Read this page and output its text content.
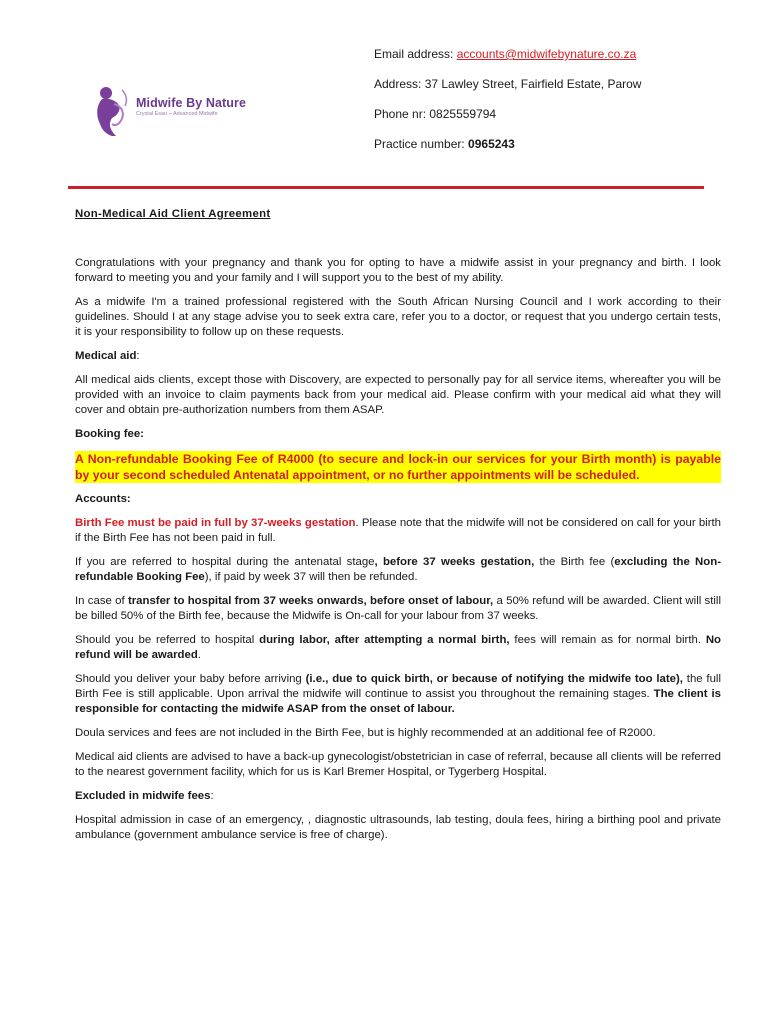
Midwife By Nature
Crystal Esau – Advanced Midwife
Email address: accounts@midwifebynature.co.za
Address: 37 Lawley Street, Fairfield Estate, Parow
Phone nr: 0825559794
Practice number: 0965243
Non-Medical Aid Client Agreement

Congratulations with your pregnancy and thank you for opting to have a midwife assist in your pregnancy and birth. I look forward to meeting you and your family and I will support you to the best of my ability.

As a midwife I'm a trained professional registered with the South African Nursing Council and I work according to their guidelines. Should I at any stage advise you to seek extra care, refer you to a doctor, or request that you undergo certain tests, it is your responsibility to follow up on these requests.

Medical aid:

All medical aids clients, except those with Discovery, are expected to personally pay for all service items, whereafter you will be provided with an invoice to claim payments back from your medical aid. Please confirm with your medical aid what they will cover and obtain pre-authorization numbers from them ASAP.

Booking fee:

A Non-refundable Booking Fee of R4000 (to secure and lock-in our services for your Birth month) is payable by your second scheduled Antenatal appointment, or no further appointments will be scheduled.

Accounts:

Birth Fee must be paid in full by 37-weeks gestation. Please note that the midwife will not be considered on call for your birth if the Birth Fee has not been paid in full.

If you are referred to hospital during the antenatal stage, before 37 weeks gestation, the Birth fee (excluding the Non-refundable Booking Fee), if paid by week 37 will then be refunded.

In case of transfer to hospital from 37 weeks onwards, before onset of labour, a 50% refund will be awarded. Client will still be billed 50% of the Birth fee, because the Midwife is On-call for your labour from 37 weeks.

Should you be referred to hospital during labor, after attempting a normal birth, fees will remain as for normal birth. No refund will be awarded.

Should you deliver your baby before arriving (i.e., due to quick birth, or because of notifying the midwife too late), the full Birth Fee is still applicable. Upon arrival the midwife will continue to assist you throughout the remaining stages. The client is responsible for contacting the midwife ASAP from the onset of labour.

Doula services and fees are not included in the Birth Fee, but is highly recommended at an additional fee of R2000.

Medical aid clients are advised to have a back-up gynecologist/obstetrician in case of referral, because all clients will be referred to the nearest government facility, which for us is Karl Bremer Hospital, or Tygerberg Hospital.

Excluded in midwife fees:

Hospital admission in case of an emergency, , diagnostic ultrasounds, lab testing, doula fees, hiring a birthing pool and private ambulance (government ambulance service is free of charge).
